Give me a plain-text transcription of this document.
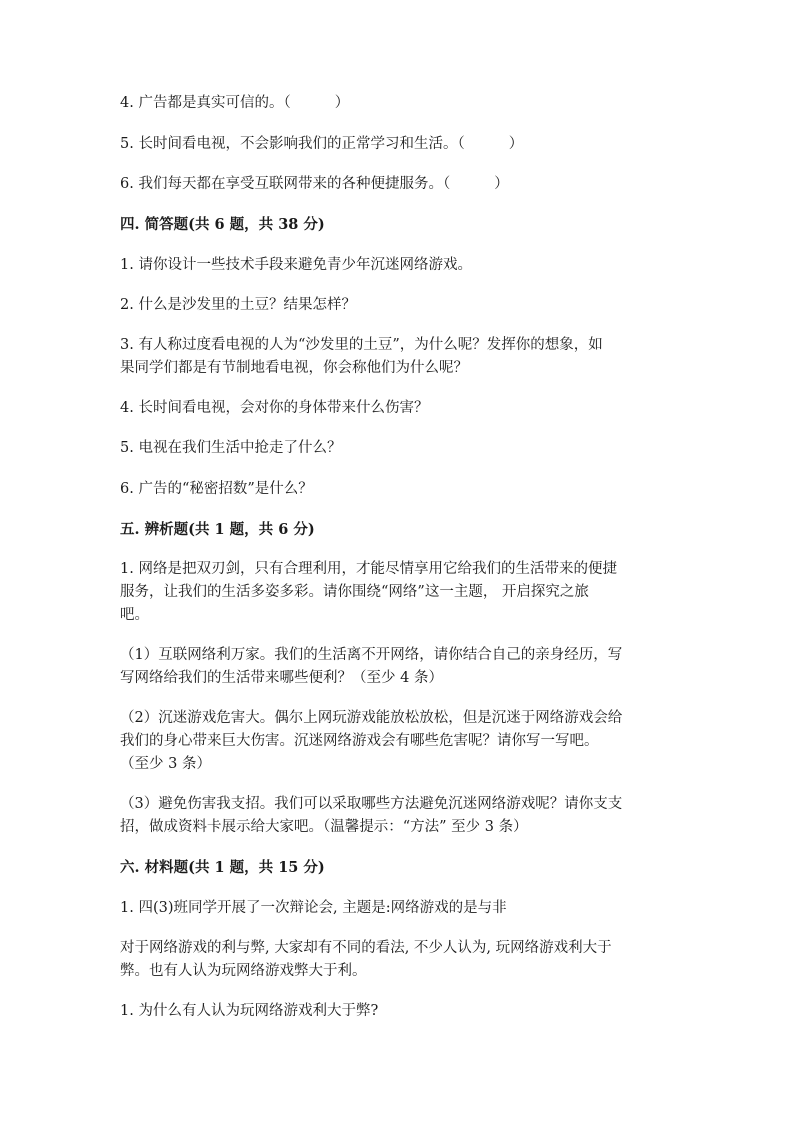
4. 广告都是真实可信的。（	）

5. 长时间看电视，不会影响我们的正常学习和生活。（	）

6. 我们每天都在享受互联网带来的各种便捷服务。（	）

四. 简答题(共 6 题，共 38 分)

1. 请你设计一些技术手段来避免青少年沉迷网络游戏。

2. 什么是沙发里的土豆？结果怎样？

3. 有人称过度看电视的人为“沙发里的土豆”，为什么呢？发挥你的想象，如

果同学们都是有节制地看电视，你会称他们为什么呢？

4. 长时间看电视，会对你的身体带来什么伤害？

5. 电视在我们生活中抢走了什么？

6. 广告的“秘密招数”是什么？

五. 辨析题(共 1 题，共 6 分)

1. 网络是把双刃剑，只有合理利用，才能尽情享用它给我们的生活带来的便捷

服务，让我们的生活多姿多彩。请你围绕“网络”这一主题， 开启探究之旅

吧。

（1）互联网络利万家。我们的生活离不开网络，请你结合自己的亲身经历，写

写网络给我们的生活带来哪些便利？（至少 4 条）

（2）沉迷游戏危害大。偶尔上网玩游戏能放松放松，但是沉迷于网络游戏会给

我们的身心带来巨大伤害。沉迷网络游戏会有哪些危害呢？请你写一写吧。

（至少 3 条）

（3）避免伤害我支招。我们可以采取哪些方法避免沉迷网络游戏呢？请你支支

招，做成资料卡展示给大家吧。（温馨提示：“方法” 至少 3 条）

六. 材料题(共 1 题，共 15 分)

1. 四(3)班同学开展了一次辩论会, 主题是:网络游戏的是与非

对于网络游戏的利与弊, 大家却有不同的看法, 不少人认为, 玩网络游戏利大于

弊。也有人认为玩网络游戏弊大于利。

1. 为什么有人认为玩网络游戏利大于弊?
